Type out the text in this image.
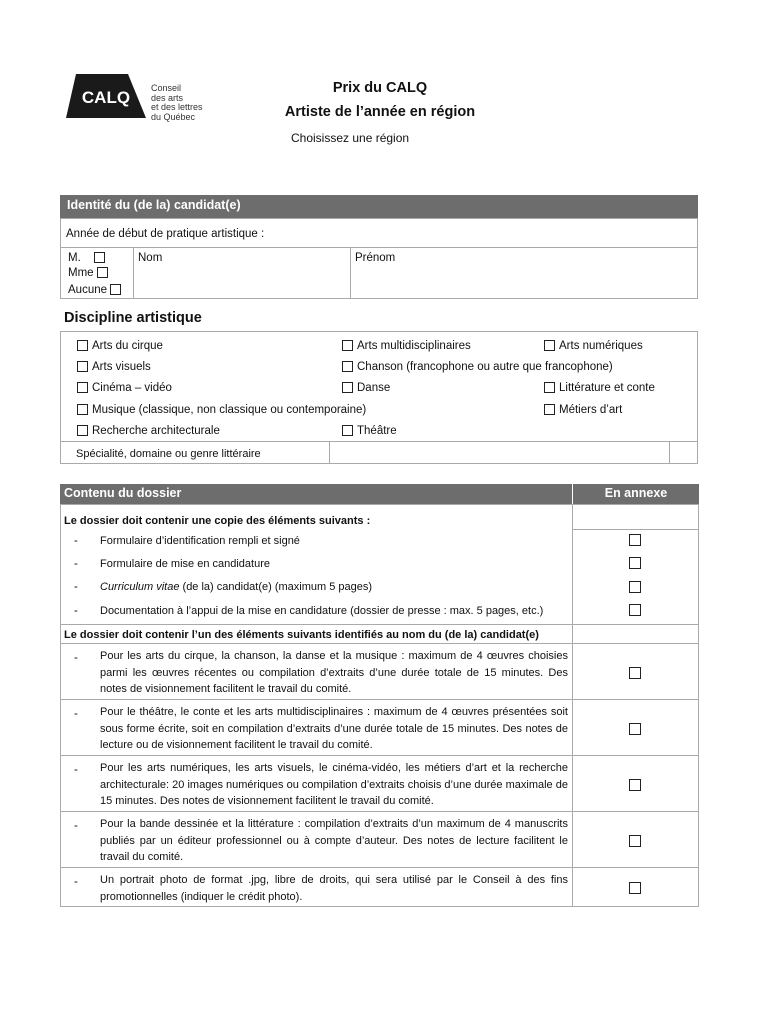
CALQ Conseil
des arts
et des lettres
du Québec
Prix du CALQ
Artiste de l’année en région
Choisissez une région
Identité du (de la) candidat(e)
Année de début de pratique artistique :
M.
Mme
Aucune
Nom	Prénom
Discipline artistique
Arts du cirque
Arts visuels
Cinéma – vidéo
Musique (classique, non classique ou contemporaine)
Recherche architecturale
Arts multidisciplinaires
Chanson (francophone ou autre que francophone)
Danse
Théâtre
Arts numériques
Littérature et conte
Métiers d’art
Spécialité, domaine ou genre littéraire
Contenu du dossier	En annexe
Le dossier doit contenir une copie des éléments suivants :
- Formulaire d’identification rempli et signé
- Formulaire de mise en candidature
- Curriculum vitae (de la) candidat(e) (maximum 5 pages)
- Documentation à l’appui de la mise en candidature (dossier de presse : max. 5 pages, etc.)
Le dossier doit contenir l’un des éléments suivants identifiés au nom du (de la) candidat(e)
- Pour les arts du cirque, la chanson, la danse et la musique : maximum de 4 œuvres choisies parmi les œuvres récentes ou compilation d’extraits d’une durée totale de 15 minutes. Des notes de visionnement facilitent le travail du comité.
- Pour le théâtre, le conte et les arts multidisciplinaires : maximum de 4 œuvres présentées soit sous forme écrite, soit en compilation d’extraits d’une durée totale de 15 minutes. Des notes de lecture ou de visionnement facilitent le travail du comité.
- Pour les arts numériques, les arts visuels, le cinéma-vidéo, les métiers d’art et la recherche architecturale: 20 images numériques ou compilation d’extraits choisis d’une durée maximale de 15 minutes. Des notes de visionnement facilitent le travail du comité.
- Pour la bande dessinée et la littérature : compilation d’extraits d’un maximum de 4 manuscrits publiés par un éditeur professionnel ou à compte d’auteur. Des notes de lecture facilitent le travail du comité.
- Un portrait photo de format .jpg, libre de droits, qui sera utilisé par le Conseil à des fins promotionnelles (indiquer le crédit photo).
